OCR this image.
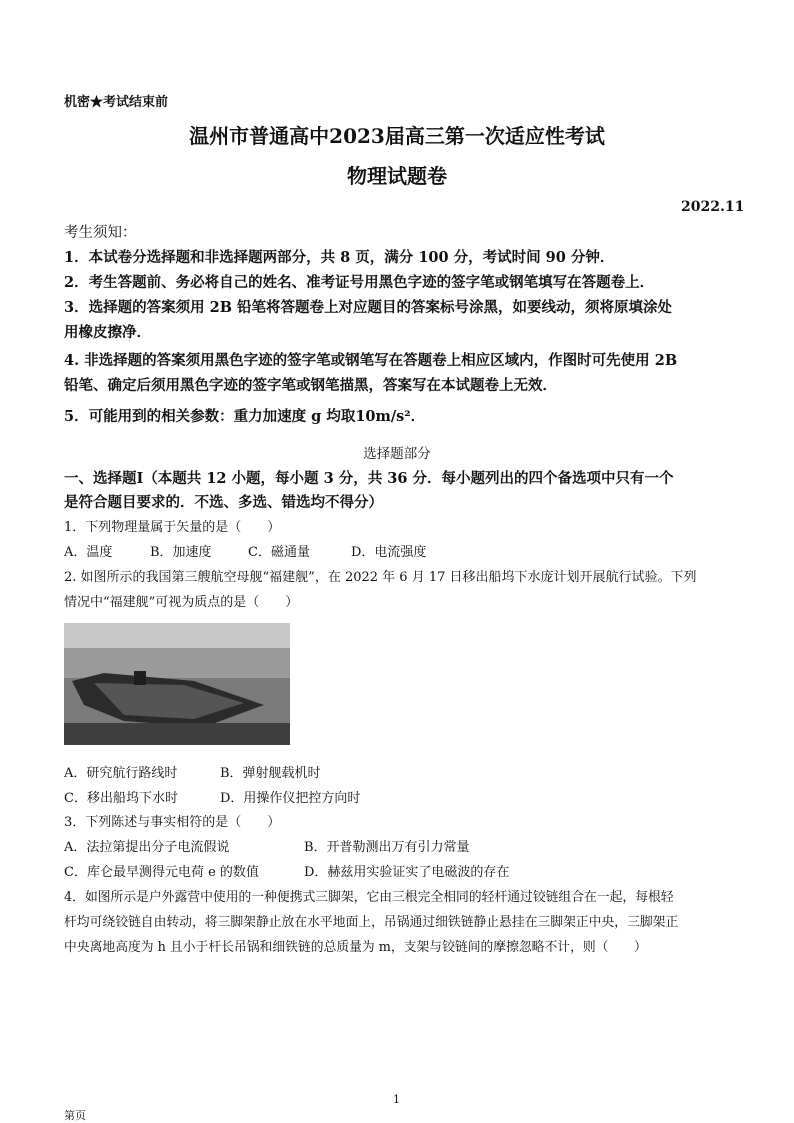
机密★考试结束前
温州市普通高中2023届高三第一次适应性考试
物理试题卷
2022.11
考生须知：
1．本试卷分选择题和非选择题两部分，共 8 页，满分 100 分，考试时间 90 分钟．
2．考生答题前、务必将自己的姓名、准考证号用黑色字迹的签字笔或钢笔填写在答题卷上．
3．选择题的答案须用 2B 铅笔将答题卷上对应题目的答案标号涂黑，如要线动，须将原填涂处
用橡皮擦净．
4. 非选择题的答案须用黑色字迹的签字笔或钢笔写在答题卷上相应区域内，作图时可先使用 2B
铅笔、确定后须用黑色字迹的签字笔或钢笔描黑，答案写在本试题卷上无效．
5．可能用到的相关参数：重力加速度 g 均取10m/s²．
选择题部分
一、选择题Ⅰ（本题共 12 小题，每小题 3 分，共 36 分．每小题列出的四个备选项中只有一个
是符合题目要求的．不选、多选、错选均不得分）
1．下列物理量属于矢量的是（　　）
A．温度	B．加速度	C．磁通量	D．电流强度
2. 如图所示的我国第三艘航空母舰“福建舰”，在 2022 年 6 月 17 日移出船坞下水庞计划开展航行试验。下列
情况中“福建舰”可视为质点的是（　　）
A．研究航行路线时	B．弹射舰载机时
C．移出船坞下水时	D．用操作仪把控方向时
3．下列陈述与事实相符的是（　　）
A．法拉第提出分子电流假说	B．开普勒测出万有引力常量
C．库仑最早测得元电荷 e 的数值	D．赫兹用实验证实了电磁波的存在
4．如图所示是户外露营中使用的一种便携式三脚架，它由三根完全相同的轻杆通过铰链组合在一起，每根轻
杆均可绕铰链自由转动，将三脚架静止放在水平地面上，吊锅通过细铁链静止悬挂在三脚架正中央，三脚架正
中央离地高度为 h 且小于杆长吊锅和细铁链的总质量为 m，支架与铰链间的摩擦忽略不计，则（　　）
1
第页
